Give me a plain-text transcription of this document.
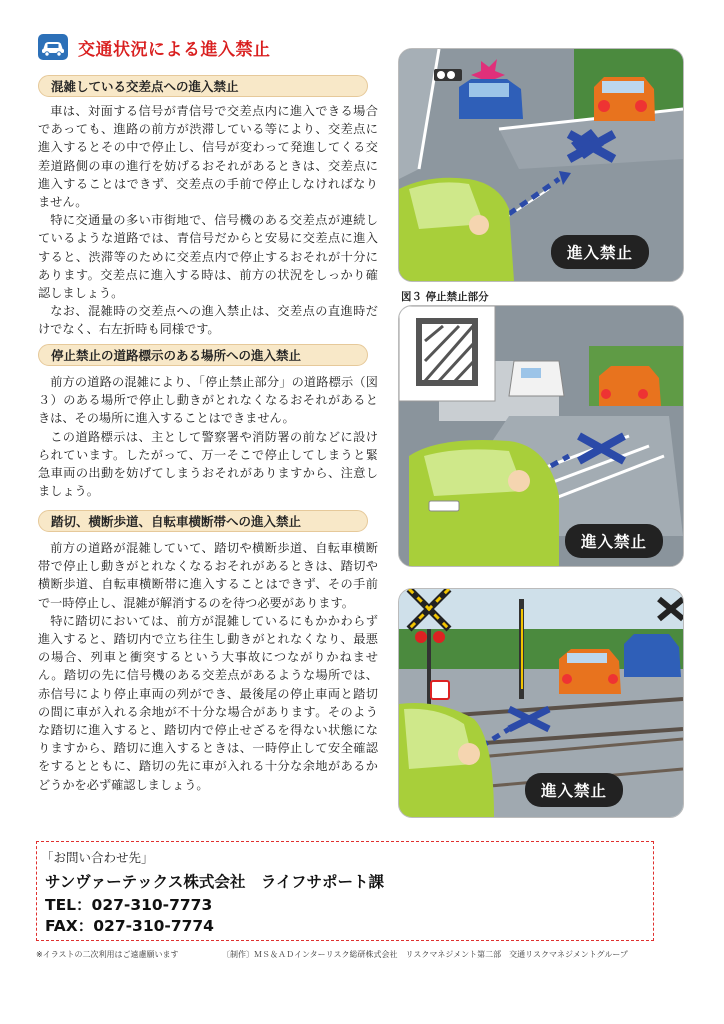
交通状況による進入禁止
混雑している交差点への進入禁止

車は、対面する信号が青信号で交差点内に進入できる場合であっても、進路の前方が渋滞している等により、交差点に進入するとその中で停止し、信号が変わって発進してくる交差道路側の車の進行を妨げるおそれがあるときは、交差点に進入することはできず、交差点の手前で停止しなければなりません。

特に交通量の多い市街地で、信号機のある交差点が連続しているような道路では、青信号だからと安易に交差点に進入すると、渋滞等のために交差点内で停止するおそれが十分にあります。交差点に進入する時は、前方の状況をしっかり確認しましょう。

なお、混雑時の交差点への進入禁止は、交差点の直進時だけでなく、右左折時も同様です。

停止禁止の道路標示のある場所への進入禁止

前方の道路の混雑により、「停止禁止部分」の道路標示（図３）のある場所で停止し動きがとれなくなるおそれがあるときは、その場所に進入することはできません。

この道路標示は、主として警察署や消防署の前などに設けられています。したがって、万一そこで停止してしまうと緊急車両の出動を妨げてしまうおそれがありますから、注意しましょう。

踏切、横断歩道、自転車横断帯への進入禁止

前方の道路が混雑していて、踏切や横断歩道、自転車横断帯で停止し動きがとれなくなるおそれがあるときは、踏切や横断歩道、自転車横断帯に進入することはできず、その手前で一時停止し、混雑が解消するのを待つ必要があります。

特に踏切においては、前方が混雑しているにもかかわらず進入すると、踏切内で立ち往生し動きがとれなくなり、最悪の場合、列車と衝突するという大事故につながりかねません。踏切の先に信号機のある交差点があるような場所では、赤信号により停止車両の列ができ、最後尾の停止車両と踏切の間に車が入れる余地が不十分な場合があります。そのような踏切に進入すると、踏切内で停止せざるを得ない状態になりますから、踏切に進入するときは、一時停止して安全確認をするとともに、踏切の先に車が入れる十分な余地があるかどうかを必ず確認しましょう。

進入禁止
図３ 停止禁止部分
進入禁止
進入禁止
「お問い合わせ先」
サンヴァーテックス株式会社　ライフサポート課
TEL：027-310-7773
FAX：027-310-7774
※イラストの二次利用はご遠慮願います	〔制作〕ＭＳ＆ＡＤインターリスク総研株式会社　リスクマネジメント第二部　交通リスクマネジメントグループ
